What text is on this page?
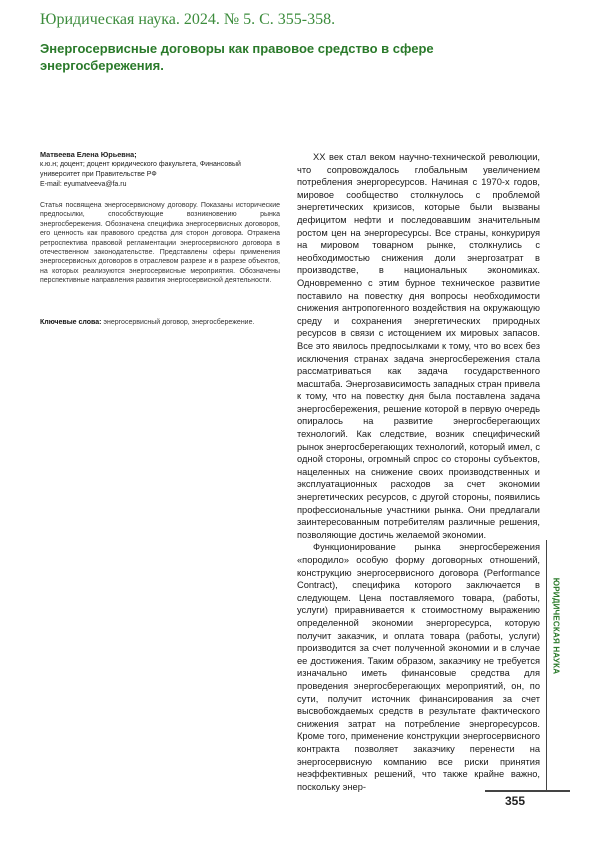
Юридическая наука. 2024. № 5. С. 355-358.
Энергосервисные договоры как правовое средство в сфере энергосбережения.
Матвеева Елена Юрьевна;
к.ю.н; доцент; доцент юридического факультета, Финансовый университет при Правительстве РФ
E-mail: eyumatveeva@fa.ru
Статья посвящена энергосервисному договору. Показаны исторические предпосылки, способствующие возникновению рынка энергосбережения. Обозначена специфика энергосервисных договоров, его ценность как правового средства для сторон договора. Отражена ретроспектива правовой регламентации энергосервисного договора в отечественном законодательстве. Представлены сферы применения энергосервисных договоров в отраслевом разрезе и в разрезе объектов, на которых реализуются энергосервисные мероприятия. Обозначены перспективные направления развития энергосервисной деятельности.
Ключевые слова: энергосервисный договор, энергосбережение.

XX век стал веком научно-технической революции, что сопровождалось глобальным увеличением потребления энергоресурсов. Начиная с 1970-х годов, мировое сообщество столкнулось с проблемой энергетических кризисов, которые были вызваны дефицитом нефти и последовавшим значительным ростом цен на энергоресурсы. Все страны, конкурируя на мировом товарном рынке, столкнулись с необходимостью снижения доли энергозатрат в производстве, в национальных экономиках. Одновременно с этим бурное техническое развитие поставило на повестку дня вопросы необходимости снижения антропогенного воздействия на окружающую среду и сохранения энергетических природных ресурсов в связи с истощением их мировых запасов. Все это явилось предпосылками к тому, что во всех без исключения странах задача энергосбережения стала рассматриваться как задача государственного масштаба. Энергозависимость западных стран привела к тому, что на повестку дня была поставлена задача энергосбережения, решение которой в первую очередь опиралось на развитие энергосберегающих технологий. Как следствие, возник специфический рынок энергосберегающих технологий, который имел, с одной стороны, огромный спрос со стороны субъектов, нацеленных на снижение своих производственных и эксплуатационных расходов за счет экономии энергетических ресурсов, с другой стороны, появились профессиональные участники рынка. Они предлагали заинтересованным потребителям различные решения, позволяющие достичь желаемой экономии.

Функционирование рынка энергосбережения «породило» особую форму договорных отношений, конструкцию энергосервисного договора (Performance Contract), специфика которого заключается в следующем. Цена поставляемого товара, (работы, услуги) приравнивается к стоимостному выражению определенной экономии энергоресурса, которую получит заказчик, и оплата товара (работы, услуги) производится за счет полученной экономии и в случае ее достижения. Таким образом, заказчику не требуется изначально иметь финансовые средства для проведения энергосберегающих мероприятий, он, по сути, получит источник финансирования за счет высвобождаемых средств в результате фактического снижения затрат на потребление энергоресурсов. Кроме того, применение конструкции энергосервисного контракта позволяет заказчику перенести на энергосервисную компанию все риски принятия неэффективных решений, что также крайне важно, поскольку энер-

ЮРИДИЧЕСКАЯ НАУКА
355
